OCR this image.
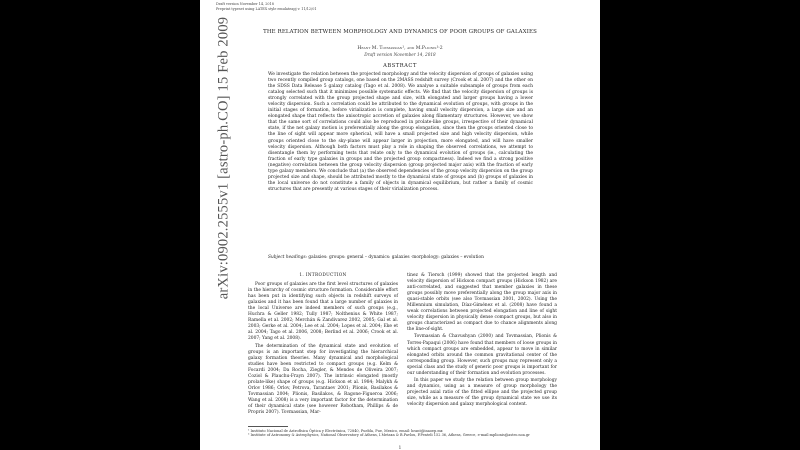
Draft version November 14, 2018
Preprint typeset using LATEX style emulateapj v. 11/12/01
arXiv:0902.2555v1 [astro-ph.CO] 15 Feb 2009	THE RELATION BETWEEN MORPHOLOGY AND DYNAMICS OF POOR GROUPS OF GALAXIES
Heant M. Tovmassian¹, and M.Plionis¹˒2
Draft version November 14, 2018
ABSTRACT
We investigate the relation between the projected morphology and the velocity dispersion of groups of galaxies using two recently compiled group catalogs, one based on the 2MASS redshift survey (Crook et al. 2007) and the other on the SDSS Data Release 5 galaxy catalog (Tago et al. 2008). We analyse a suitable subsample of groups from each catalog selected such that it minimizes possible systematic effects. We find that the velocity dispersion of groups is strongly correlated with the group projected shape and size, with elongated and larger groups having a lower velocity dispersion. Such a correlation could be attributed to the dynamical evolution of groups, with groups in the initial stages of formation, before virialization is complete, having small velocity dispersion, a large size and an elongated shape that reflects the anisotropic accretion of galaxies along filamentary structures. However, we show that the same sort of correlations could also be reproduced in prolate-like groups, irrespective of their dynamical state, if the net galaxy motion is preferentially along the group elongation, since then the groups oriented close to the line of sight will appear more spherical, will have a small projected size and high velocity dispersion, while groups oriented close to the sky-plane will appear larger in projection, more elongated, and will have smaller velocity dispersion. Although both factors must play a role in shaping the observed correlations, we attempt to disentangle them by performing tests that relate only to the dynamical evolution of groups (ie., calculating the fraction of early type galaxies in groups and the projected group compactness). Indeed we find a strong positive (negative) correlation between the group velocity dispersion (group projected major axis) with the fraction of early type galaxy members. We conclude that (a) the observed dependencies of the group velocity dispersion on the group projected size and shape, should be attributed mostly to the dynamical state of groups and (b) groups of galaxies in the local universe do not constitute a family of objects in dynamical equilibrium, but rather a family of cosmic structures that are presently at various stages of their virialization process.
Subject headings: galaxies: groups: general – dynamics: galaxies ·morphology: galaxies – evolution
1. INTRODUCTION

Poor groups of galaxies are the first level structures of galaxies in the hierarchy of cosmic structure formation. Considerable effort has been put in identifying such objects in redshift surveys of galaxies and it has been found that a large number of galaxies in the local Universe are indeed members of such groups (e.g., Huchra & Geller 1982; Tully 1987; Nolthenius & White 1987; Ramella et al. 2002; Merchán & Zandivarez 2002, 2005; Gal et al. 2003; Gerke et al. 2004; Lee et al. 2004; Lopes et al. 2004; Eke et al. 2004; Tago et al. 2006, 2008; Berlind et al. 2006; Crook et al. 2007; Yang et al. 2008).

The determination of the dynamical state and evolution of groups is an important step for investigating the hierarchical galaxy formation theories. Many dynamical and morphological studies have been restricted to compact groups (e.g. Kelm & Focardi 2004; Da Rocha, Ziegler, & Mendes de Oliveira 2007; Coziol & Plauchu-Frayn 2007). The intrinsic elongated (mostly prolate-like) shape of groups (e.g. Hickson et al. 1984; Malykh & Orlov 1986; Orlov, Petrova, Tarantaev 2001; Plionis, Basilakos & Tovmassian 2004; Plionis, Basilakos, & Ragone-Figueroa 2006; Wang et al. 2008) is a very important factor for the determination of their dynamical state (see however Robotham, Phillips & de Propris 2007). Tovmassian, Mar-

tinez & Tiersch (1999) showed that the projected length and velocity dispersion of Hickson compact groups (Hickson 1982) are anti-correlated, and suggested that member galaxies in these groups possibly move preferentially along the group major axis in quasi-stable orbits (see also Tovmassian 2001, 2002). Using the Millennium simulation, Díaz-Giménez et al. (2008) have found a weak correlations between projected elongation and line of sight velocity dispersion in physically dense compact groups, but also in groups characterized as compact due to chance alignments along the line-of-sight.

Tovmassian & Chavushyan (2000) and Tovmassian, Plionis & Torres-Papaqui (2006) have found that members of loose groups in which compact groups are embedded, appear to move in similar elongated orbits around the common gravitational center of the corresponding group. However, such groups may represent only a special class and the study of generic poor groups is important for our understanding of their formation and evolution processes.

In this paper we study the relation between group morphology and dynamics, using as a measure of group morphology the projected axial ratio of the fitted ellipse and the projected group size, while as a measure of the group dynamical state we use its velocity dispersion and galaxy morphological content.

¹ Instituto Nacional de Astrofísica Óptica y Electrónica, 72840, Puebla, Pue, Mexico, email: hrant@inaoep.mx
² Institute of Astronomy & Astrophysics, National Observatory of Athens, I.Metaxa & B.Pavlou, P.Penteli 152 36, Athens, Greece, e-mail:mplionis@astro.noa.gr
1
